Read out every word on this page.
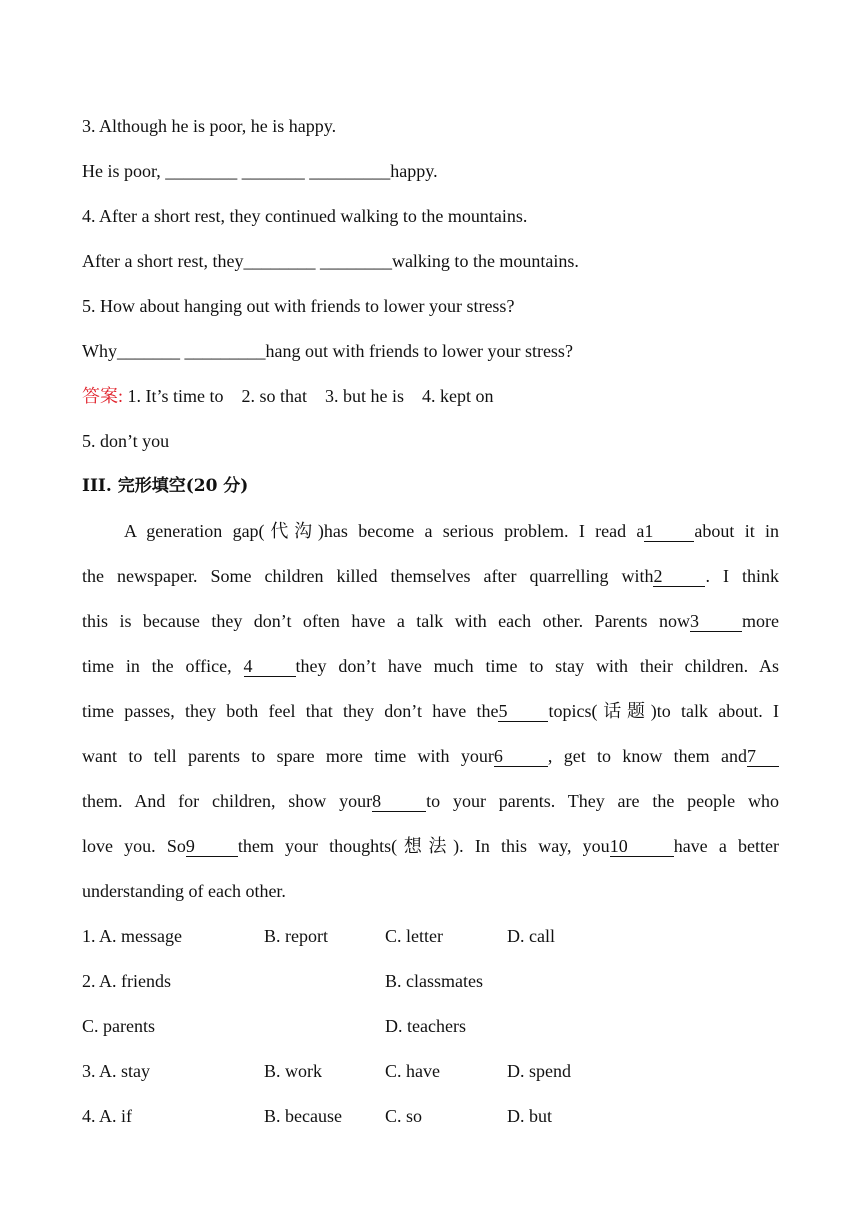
3. Although he is poor, he is happy.
He is poor, ________ _______ _________happy.
4. After a short rest, they continued walking to the mountains.
After a short rest, they________ ________walking to the mountains.
5. How about hanging out with friends to lower your stress?
Why_______ _________hang out with friends to lower your stress?
答案: 1. It’s time to    2. so that    3. but he is    4. kept on
5. don’t you
III. 完形填空(20 分)
A generation gap(代沟)has become a serious problem. I read a1 about it in
the newspaper. Some children killed themselves after quarrelling with2 . I think
this is because they don’t often have a talk with each other. Parents now3 more
time in the office, 4 they don’t have much time to stay with their children. As
time passes, they both feel that they don’t have the5 topics(话题)to talk about. I
want to tell parents to spare more time with your6	, get to know them and7
them. And for children, show your8	to your parents. They are the people who
love you. So9 them your thoughts(想法). In this way, you10	have a better
understanding of each other.
1. A. message	B. report	C. letter	D. call
2. A. friends	B. classmates
C. parents	D. teachers
3. A. stay	B. work	C. have	D. spend
4. A. if	B. because C. so	D. but
